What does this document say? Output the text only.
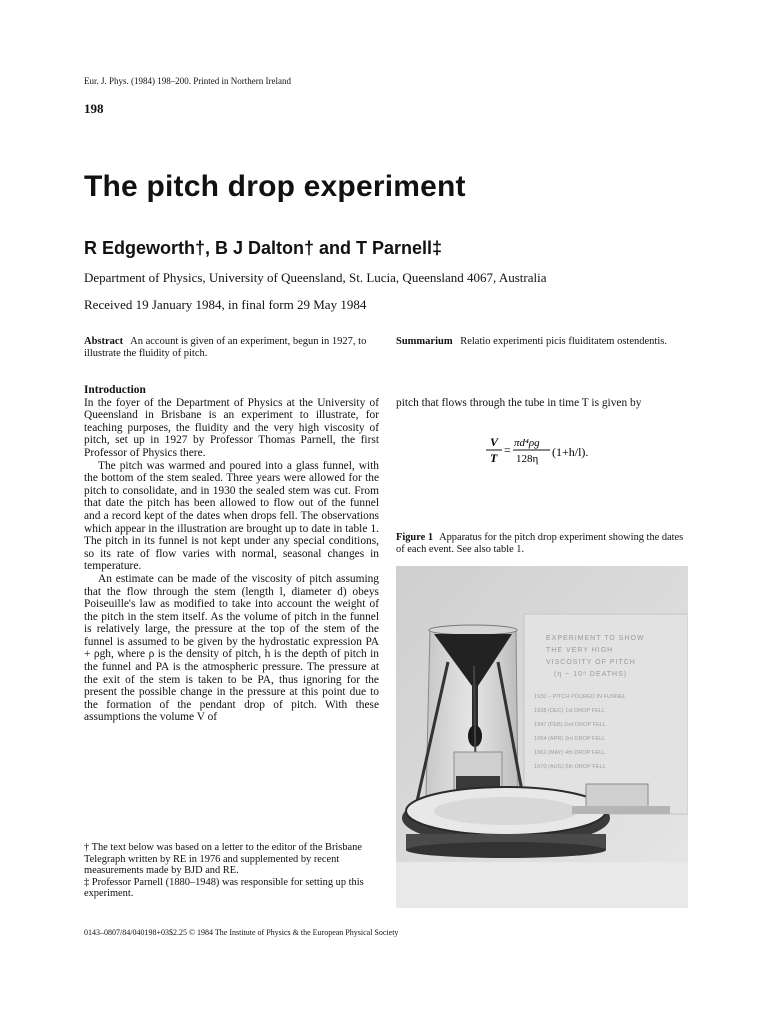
Eur. J. Phys. (1984) 198–200. Printed in Northern Ireland
198
The pitch drop experiment
R Edgeworth†, B J Dalton† and T Parnell‡
Department of Physics, University of Queensland, St. Lucia, Queensland 4067, Australia
Received 19 January 1984, in final form 29 May 1984
Abstract An account is given of an experiment, begun in 1927, to illustrate the fluidity of pitch.
Summarium Relatio experimenti picis fluiditatem ostendentis.
Introduction

In the foyer of the Department of Physics at the University of Queensland in Brisbane is an experiment to illustrate, for teaching purposes, the fluidity and the very high viscosity of pitch, set up in 1927 by Professor Thomas Parnell, the first Professor of Physics there.

The pitch was warmed and poured into a glass funnel, with the bottom of the stem sealed. Three years were allowed for the pitch to consolidate, and in 1930 the sealed stem was cut. From that date the pitch has been allowed to flow out of the funnel and a record kept of the dates when drops fell. The observations which appear in the illustration are brought up to date in table 1. The pitch in its funnel is not kept under any special conditions, so its rate of flow varies with normal, seasonal changes in temperature.

An estimate can be made of the viscosity of pitch assuming that the flow through the stem (length l, diameter d) obeys Poiseuille's law as modified to take into account the weight of the pitch in the stem itself. As the volume of pitch in the funnel is relatively large, the pressure at the top of the stem of the funnel is assumed to be given by the hydrostatic expression PA + ρgh, where ρ is the density of pitch, h is the depth of pitch in the funnel and PA is the atmospheric pressure. The pressure at the exit of the stem is taken to be PA, thus ignoring for the present the possible change in the pressure at this point due to the formation of the pendant drop of pitch. With these assumptions the volume V of

pitch that flows through the tube in time T is given by
V
T
= πd⁴ρg
128η (1+h/l).
Figure 1 Apparatus for the pitch drop experiment showing the dates of each event. See also table 1.
EXPERIMENT TO SHOW
THE VERY HIGH
VISCOSITY OF PITCH
(η ~ 10⁸ DEATHS)
1930 – PITCH POURED IN FUNNEL
1938 (DEC) 1st DROP FELL
1947 (FEB) 2nd DROP FELL
1954 (APR) 3rd DROP FELL
1962 (MAY) 4th DROP FELL
1970 (AUG) 5th DROP FELL

† The text below was based on a letter to the editor of the Brisbane Telegraph written by RE in 1976 and supplemented by recent measurements made by BJD and RE.

‡ Professor Parnell (1880–1948) was responsible for setting up this experiment.

0143–0807/84/040198+03$2.25 © 1984 The Institute of Physics & the European Physical Society
